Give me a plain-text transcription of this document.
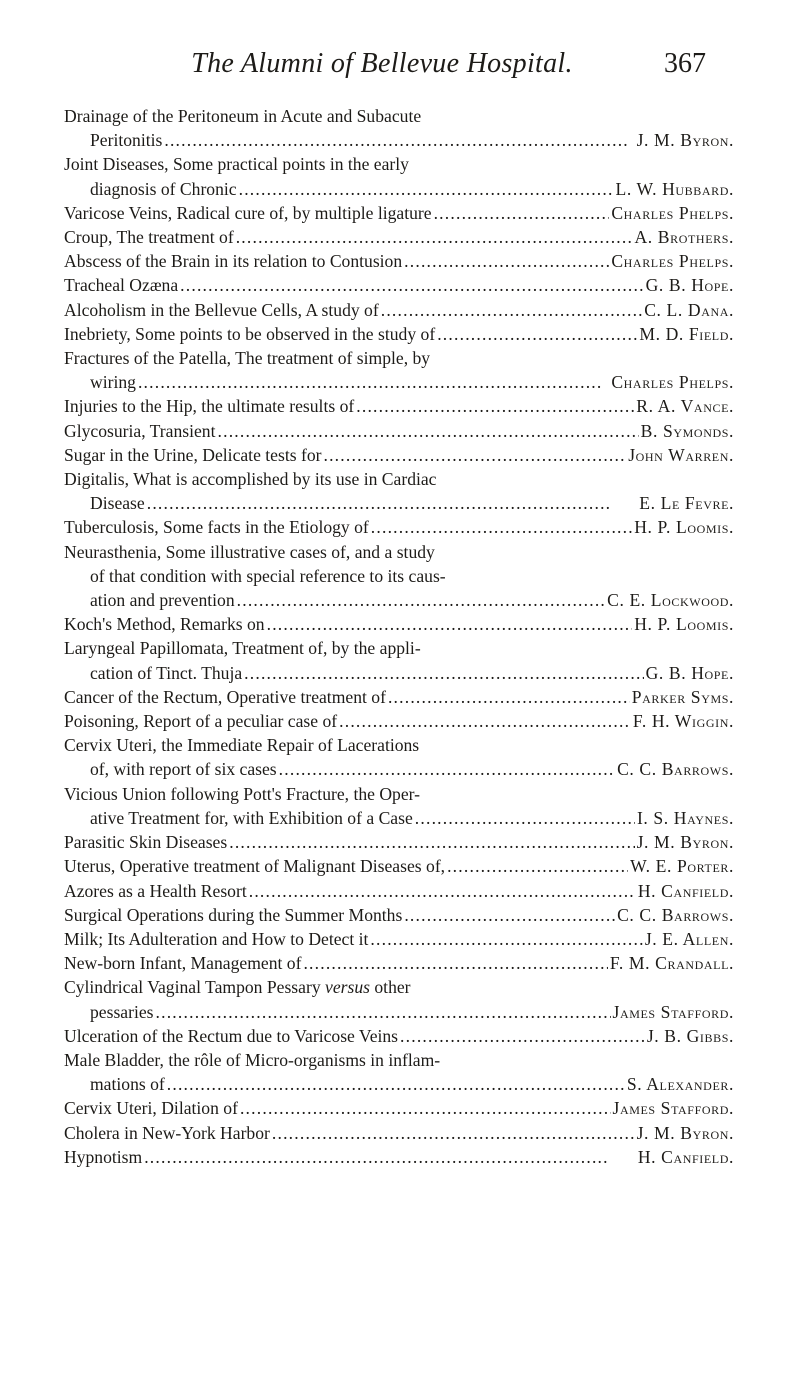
The Alumni of Bellevue Hospital.	367
Drainage of the Peritoneum in Acute and Subacute
Peritonitis . . .	J. M. Byron.
Joint Diseases, Some practical points in the early
diagnosis of Chronic . . .	L. W. Hubbard.
Varicose Veins, Radical cure of, by multiple ligature . . .	Charles Phelps.
Croup, The treatment of . . .	A. Brothers.
Abscess of the Brain in its relation to Contusion . . .	Charles Phelps.
Tracheal Ozæna . . .	G. B. Hope.
Alcoholism in the Bellevue Cells, A study of . . .	C. L. Dana.
Inebriety, Some points to be observed in the study of . . .	M. D. Field.
Fractures of the Patella, The treatment of simple, by
wiring . . .	Charles Phelps.
Injuries to the Hip, the ultimate results of . . .	R. A. Vance.
Glycosuria, Transient . . .	B. Symonds.
Sugar in the Urine, Delicate tests for . . .	John Warren.
Digitalis, What is accomplished by its use in Cardiac
Disease . . .	E. Le Fevre.
Tuberculosis, Some facts in the Etiology of . . .	H. P. Loomis.
Neurasthenia, Some illustrative cases of, and a study
of that condition with special reference to its caus-
ation and prevention . . .	C. E. Lockwood.
Koch's Method, Remarks on . . .	H. P. Loomis.
Laryngeal Papillomata, Treatment of, by the appli-
cation of Tinct. Thuja . . .	G. B. Hope.
Cancer of the Rectum, Operative treatment of . . .	Parker Syms.
Poisoning, Report of a peculiar case of . . .	F. H. Wiggin.
Cervix Uteri, the Immediate Repair of Lacerations
of, with report of six cases . . .	C. C. Barrows.
Vicious Union following Pott's Fracture, the Oper-
ative Treatment for, with Exhibition of a Case . . .	I. S. Haynes.
Parasitic Skin Diseases . . .	J. M. Byron.
Uterus, Operative treatment of Malignant Diseases of, . . .	W. E. Porter.
Azores as a Health Resort . . .	H. Canfield.
Surgical Operations during the Summer Months . . .	C. C. Barrows.
Milk; Its Adulteration and How to Detect it . . .	J. E. Allen.
New-born Infant, Management of . . .	F. M. Crandall.
Cylindrical Vaginal Tampon Pessary versus other
pessaries . . .	James Stafford.
Ulceration of the Rectum due to Varicose Veins . . .	J. B. Gibbs.
Male Bladder, the rôle of Micro-organisms in inflam-
mations of . . .	S. Alexander.
Cervix Uteri, Dilation of . . .	James Stafford.
Cholera in New-York Harbor . . .	J. M. Byron.
Hypnotism . . .	H. Canfield.
